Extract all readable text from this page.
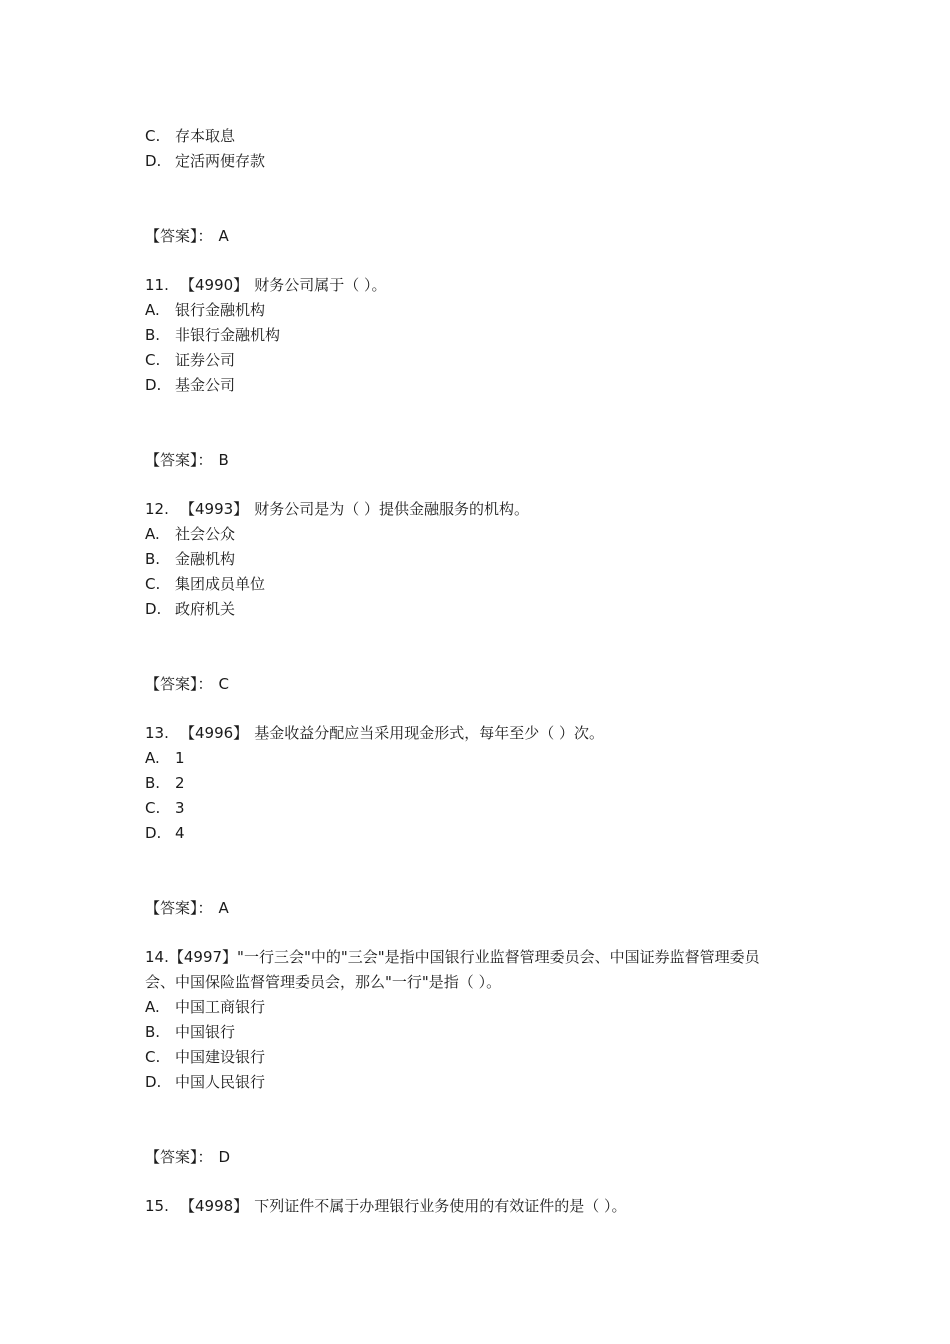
C. 存本取息
D. 定活两便存款
【答案】： A
11. 【4990】 财务公司属于（ ）。
A. 银行金融机构
B. 非银行金融机构
C. 证券公司
D. 基金公司
【答案】： B
12. 【4993】 财务公司是为（ ）提供金融服务的机构。
A. 社会公众
B. 金融机构
C. 集团成员单位
D. 政府机关
【答案】： C
13. 【4996】 基金收益分配应当采用现金形式，每年至少（ ）次。
A. 1
B. 2
C. 3
D. 4
【答案】： A
14.【4997】"一行三会"中的"三会"是指中国银行业监督管理委员会、中国证券监督管理委员
会、中国保险监督管理委员会，那么"一行"是指（ ）。
A. 中国工商银行
B. 中国银行
C. 中国建设银行
D. 中国人民银行
【答案】： D
15. 【4998】 下列证件不属于办理银行业务使用的有效证件的是（ ）。
